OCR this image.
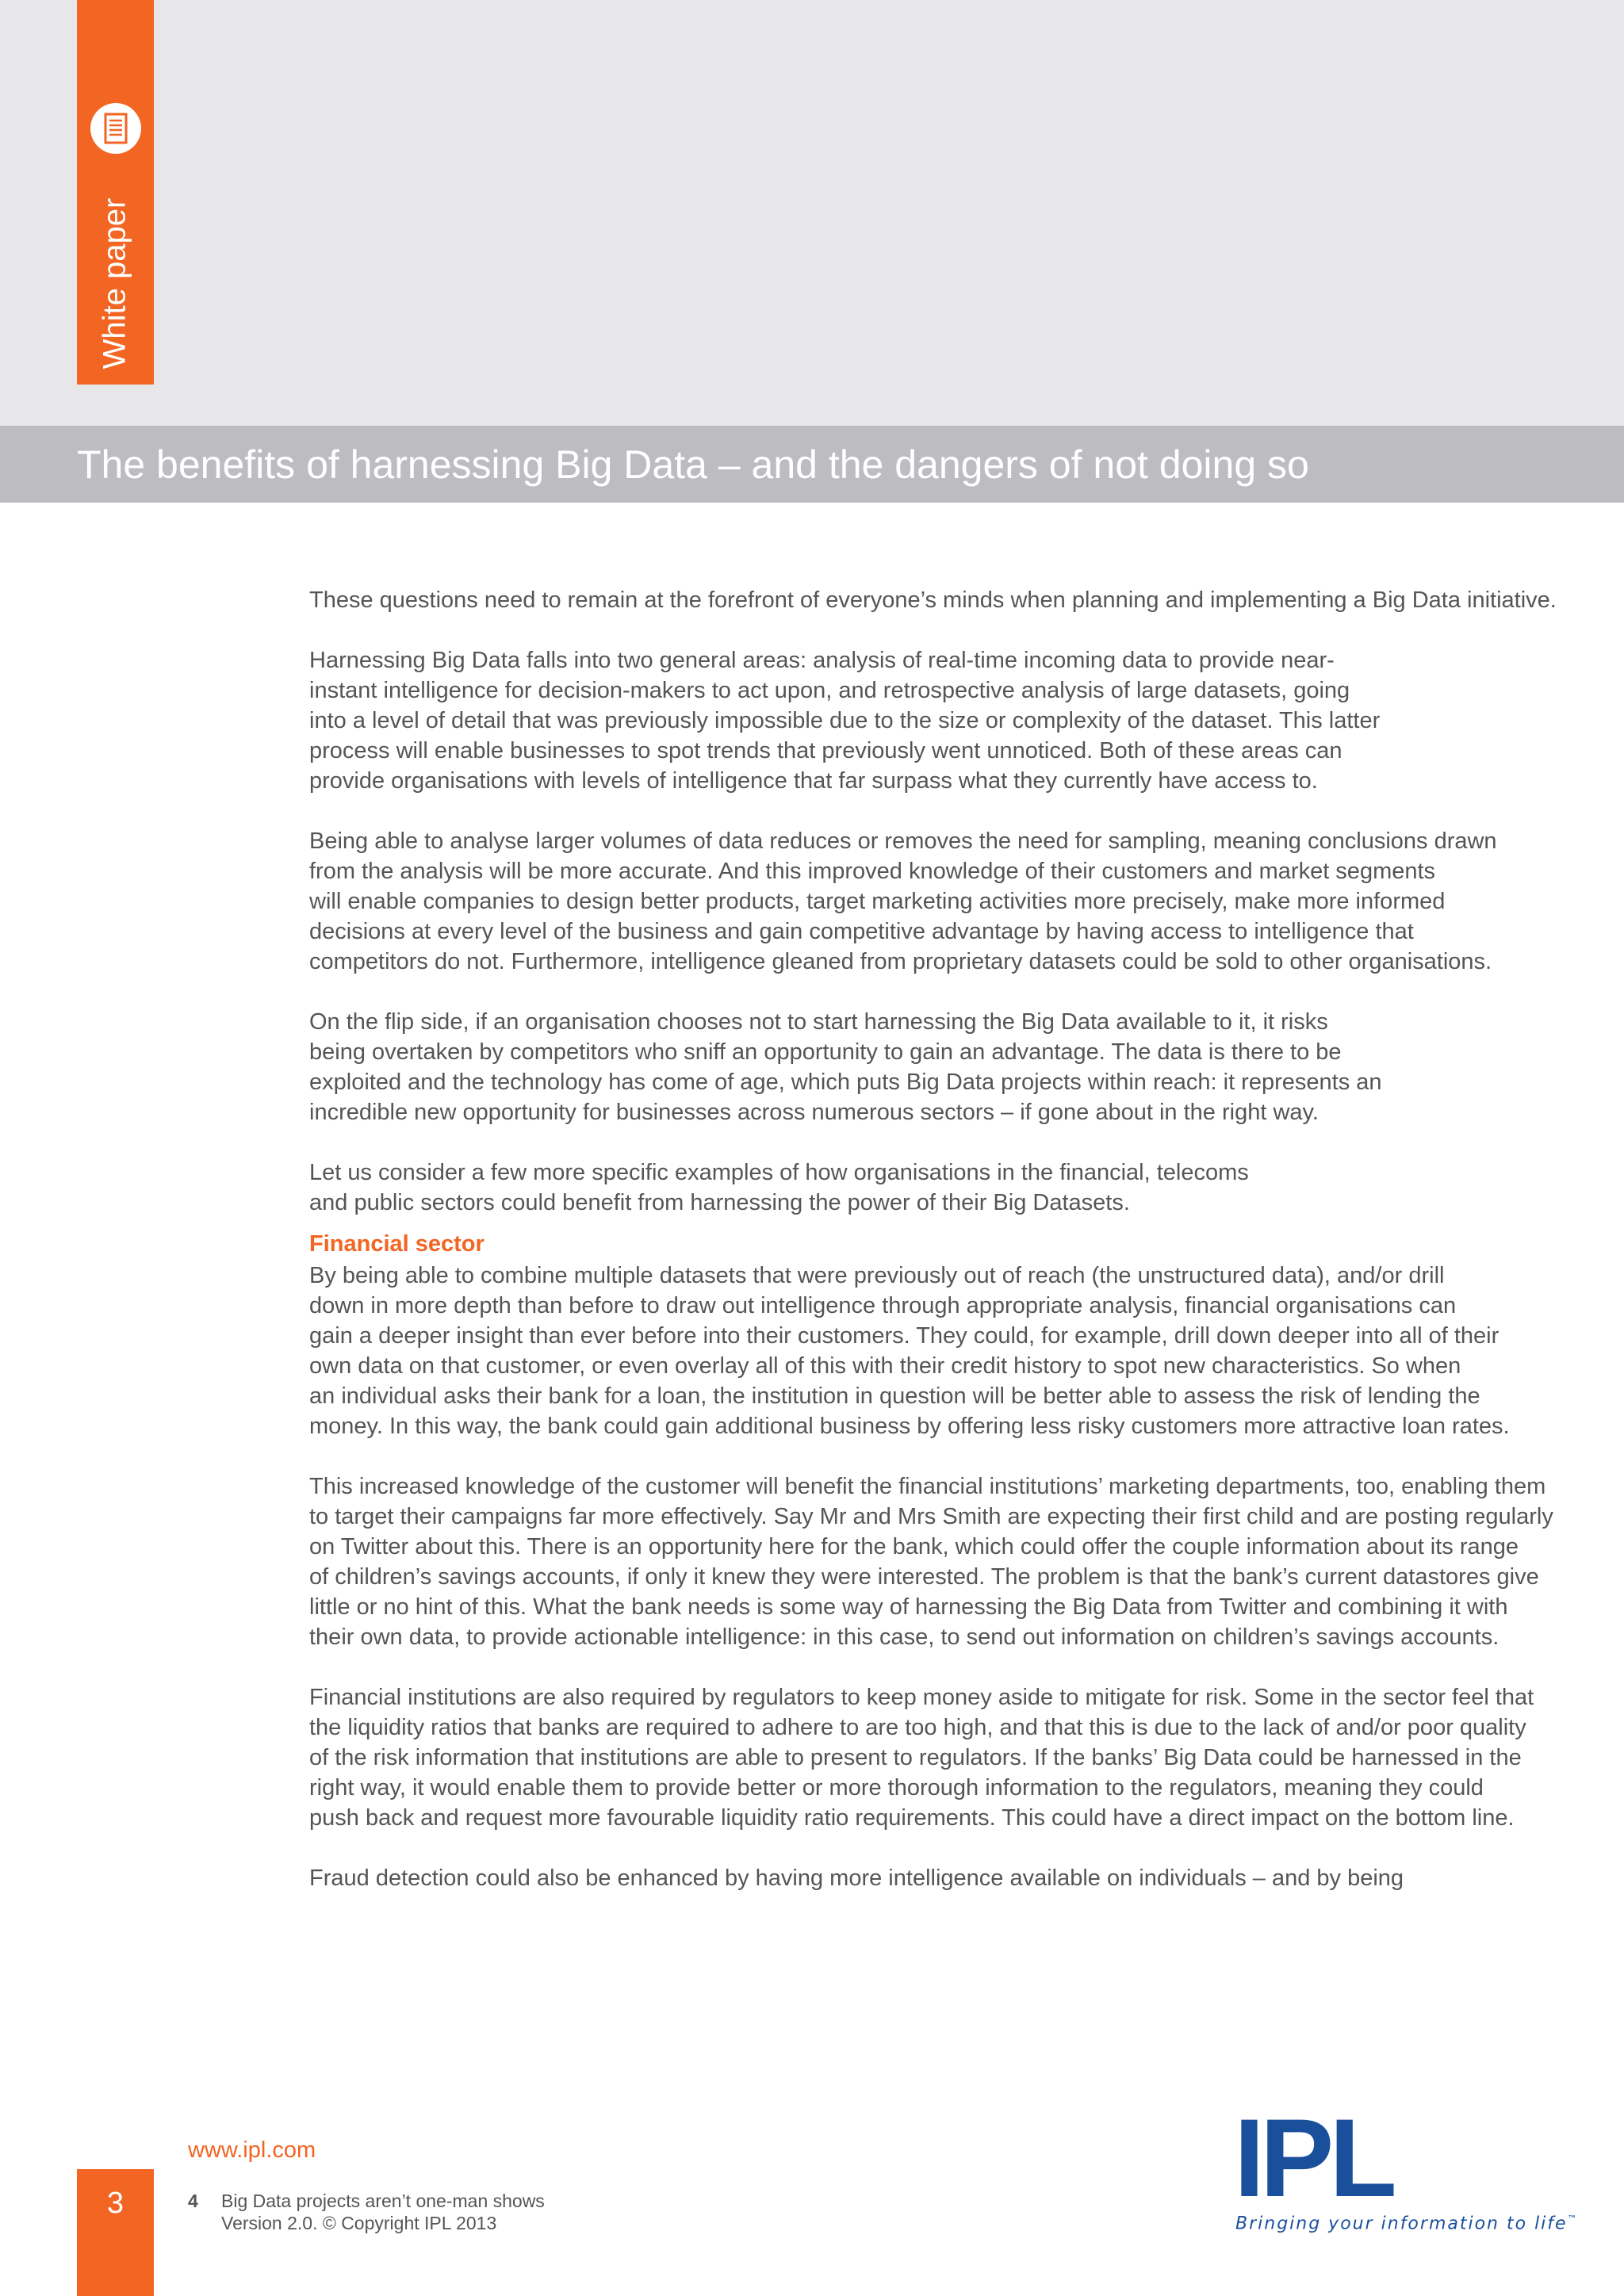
White paper
The benefits of harnessing Big Data – and the dangers of not doing so

These questions need to remain at the forefront of everyone’s minds when planning and implementing a Big Data initiative.

Harnessing Big Data falls into two general areas: analysis of real-time incoming data to provide near-
instant intelligence for decision-makers to act upon, and retrospective analysis of large datasets, going
into a level of detail that was previously impossible due to the size or complexity of the dataset. This latter
process will enable businesses to spot trends that previously went unnoticed. Both of these areas can
provide organisations with levels of intelligence that far surpass what they currently have access to.

Being able to analyse larger volumes of data reduces or removes the need for sampling, meaning conclusions drawn
from the analysis will be more accurate. And this improved knowledge of their customers and market segments
will enable companies to design better products, target marketing activities more precisely, make more informed
decisions at every level of the business and gain competitive advantage by having access to intelligence that
competitors do not. Furthermore, intelligence gleaned from proprietary datasets could be sold to other organisations.

On the flip side, if an organisation chooses not to start harnessing the Big Data available to it, it risks
being overtaken by competitors who sniff an opportunity to gain an advantage. The data is there to be
exploited and the technology has come of age, which puts Big Data projects within reach: it represents an
incredible new opportunity for businesses across numerous sectors – if gone about in the right way.

Let us consider a few more specific examples of how organisations in the financial, telecoms
and public sectors could benefit from harnessing the power of their Big Datasets.

Financial sector

By being able to combine multiple datasets that were previously out of reach (the unstructured data), and/or drill
down in more depth than before to draw out intelligence through appropriate analysis, financial organisations can
gain a deeper insight than ever before into their customers. They could, for example, drill down deeper into all of their
own data on that customer, or even overlay all of this with their credit history to spot new characteristics. So when
an individual asks their bank for a loan, the institution in question will be better able to assess the risk of lending the
money. In this way, the bank could gain additional business by offering less risky customers more attractive loan rates.

This increased knowledge of the customer will benefit the financial institutions’ marketing departments, too, enabling them
to target their campaigns far more effectively. Say Mr and Mrs Smith are expecting their first child and are posting regularly
on Twitter about this. There is an opportunity here for the bank, which could offer the couple information about its range
of children’s savings accounts, if only it knew they were interested. The problem is that the bank’s current datastores give
little or no hint of this. What the bank needs is some way of harnessing the Big Data from Twitter and combining it with
their own data, to provide actionable intelligence: in this case, to send out information on children’s savings accounts.

Financial institutions are also required by regulators to keep money aside to mitigate for risk. Some in the sector feel that
the liquidity ratios that banks are required to adhere to are too high, and that this is due to the lack of and/or poor quality
of the risk information that institutions are able to present to regulators. If the banks’ Big Data could be harnessed in the
right way, it would enable them to provide better or more thorough information to the regulators, meaning they could
push back and request more favourable liquidity ratio requirements. This could have a direct impact on the bottom line.

Fraud detection could also be enhanced by having more intelligence available on individuals – and by being

www.ipl.com
3	4 Big Data projects aren’t one-man shows
Version 2.0. © Copyright IPL 2013
IPL
Bringing your information to life™
